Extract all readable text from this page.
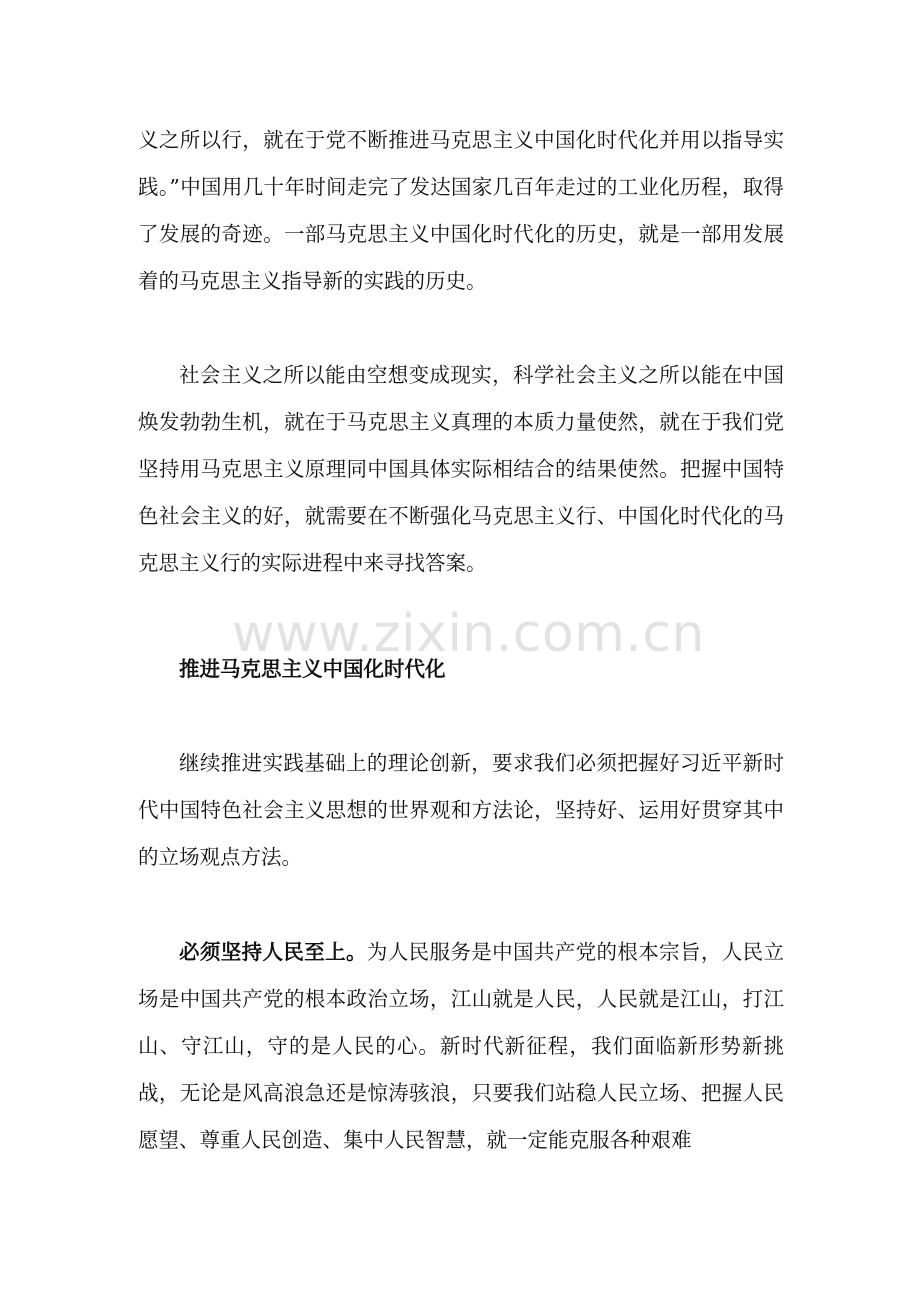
义之所以行，就在于党不断推进马克思主义中国化时代化并用以指导实践。”中国用几十年时间走完了发达国家几百年走过的工业化历程，取得了发展的奇迹。一部马克思主义中国化时代化的历史，就是一部用发展着的马克思主义指导新的实践的历史。

社会主义之所以能由空想变成现实，科学社会主义之所以能在中国焕发勃勃生机，就在于马克思主义真理的本质力量使然，就在于我们党坚持用马克思主义原理同中国具体实际相结合的结果使然。把握中国特色社会主义的好，就需要在不断强化马克思主义行、中国化时代化的马克思主义行的实际进程中来寻找答案。

www.zixin.com.cn

推进马克思主义中国化时代化

继续推进实践基础上的理论创新，要求我们必须把握好习近平新时代中国特色社会主义思想的世界观和方法论，坚持好、运用好贯穿其中的立场观点方法。

必须坚持人民至上。为人民服务是中国共产党的根本宗旨，人民立场是中国共产党的根本政治立场，江山就是人民，人民就是江山，打江山、守江山，守的是人民的心。新时代新征程，我们面临新形势新挑战，无论是风高浪急还是惊涛骇浪，只要我们站稳人民立场、把握人民愿望、尊重人民创造、集中人民智慧，就一定能克服各种艰难
